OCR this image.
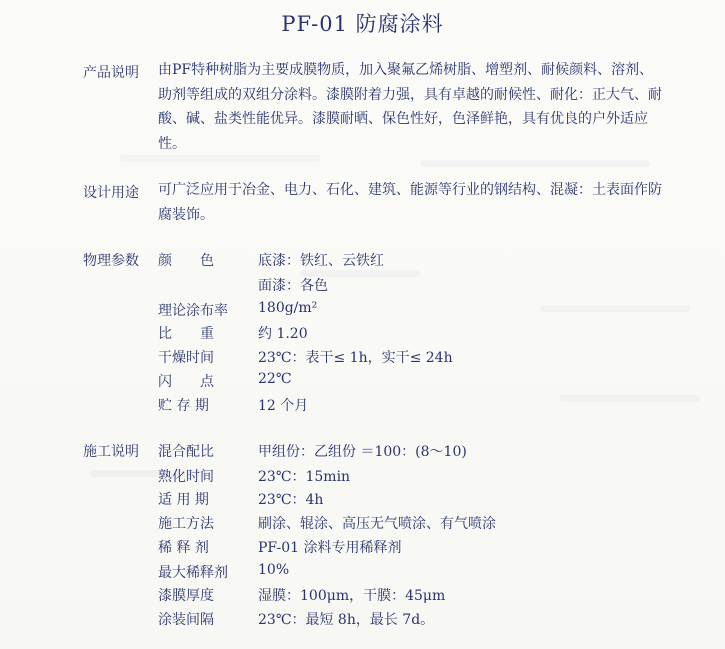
PF-01 防腐涂料
产品说明 由PF特种树脂为主要成膜物质，加入聚氟乙烯树脂、增塑剂、耐候颜料、溶剂、助剂等组成的双组分涂料。漆膜附着力强，具有卓越的耐候性、耐化：正大气、耐酸、碱、盐类性能优异。漆膜耐晒、保色性好，色泽鲜艳，具有优良的户外适应性。
设计用途 可广泛应用于冶金、电力、石化、建筑、能源等行业的钢结构、混凝：土表面作防腐装饰。
物理参数 颜　　色	底漆：铁红、云铁红
面漆：各色
理论涂布率 180g/m²
比　　重	约 1.20
干燥时间	23℃：表干≤ 1h，实干≤ 24h
闪　　点	22℃
贮 存 期	12 个月
施工说明 混合配比	甲组份：乙组份 ＝100：(8～10)
熟化时间	23℃：15min
适 用 期	23℃：4h
施工方法	刷涂、辊涂、高压无气喷涂、有气喷涂
稀 释 剂	PF-01 涂料专用稀释剂
最大稀释剂 10%
漆膜厚度	湿膜：100μm，干膜：45μm
涂装间隔	23℃：最短 8h，最长 7d。
